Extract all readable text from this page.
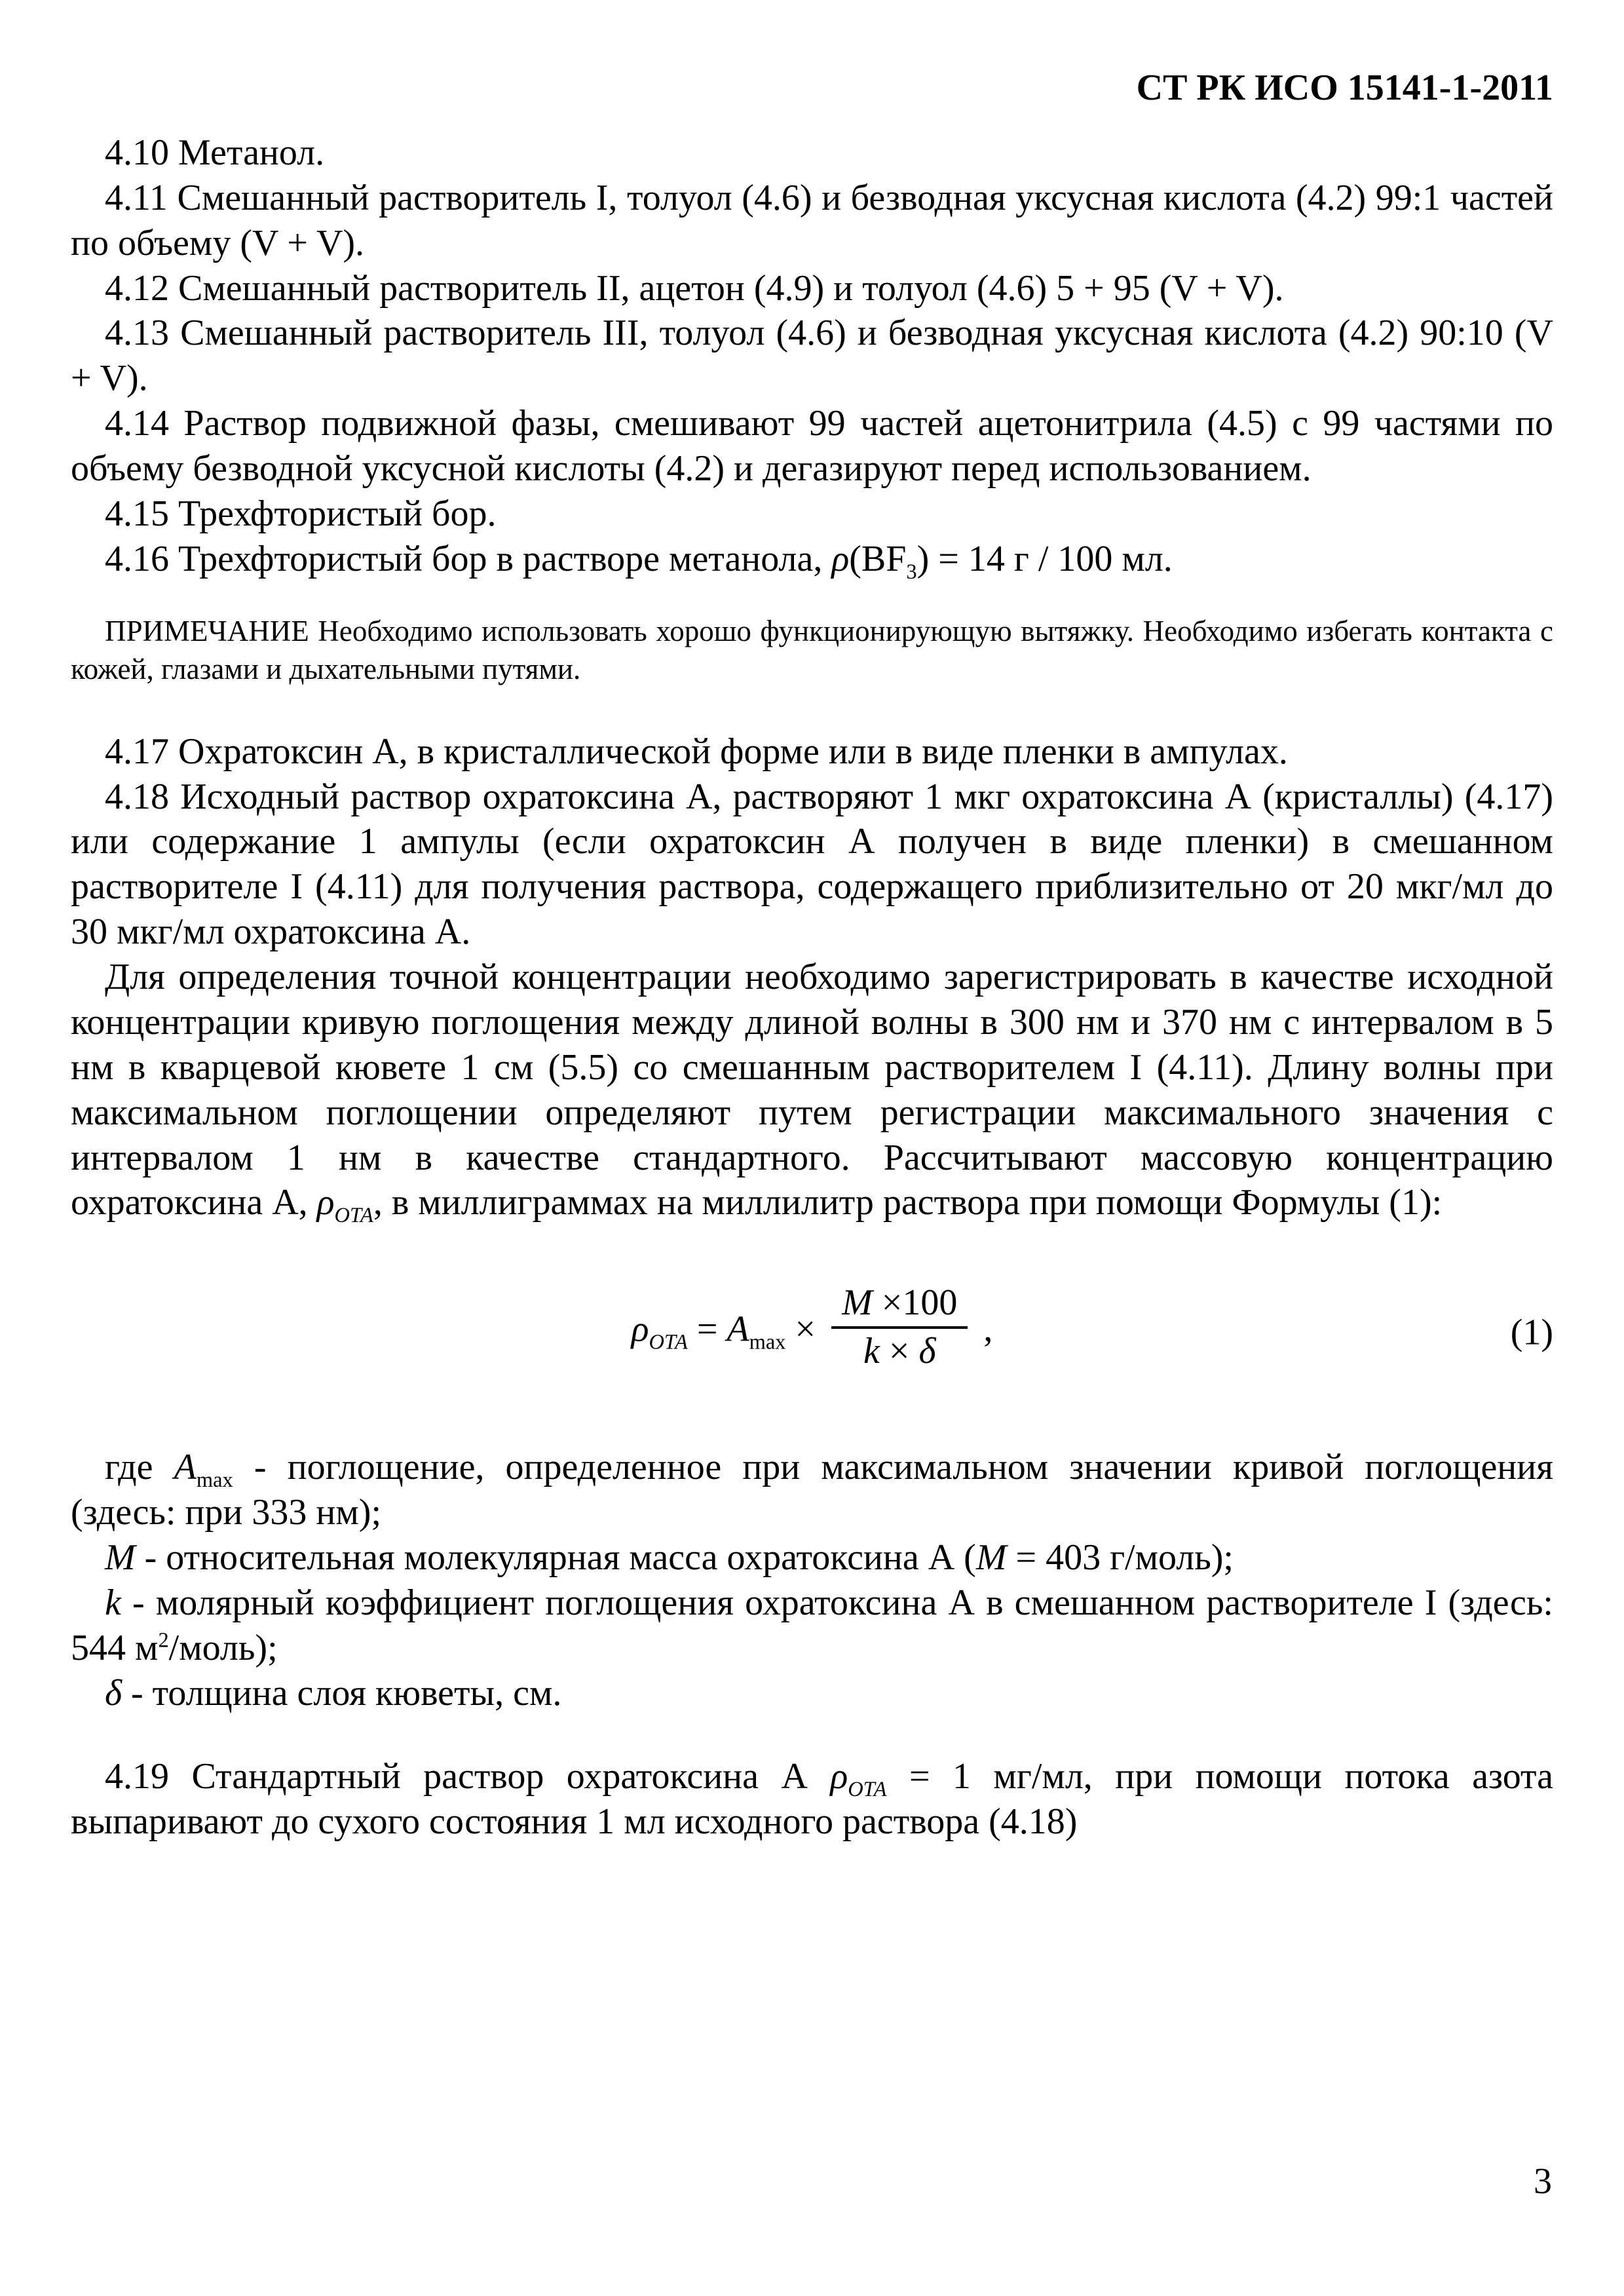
СТ РК ИСО 15141-1-2011

4.10 Метанол.

4.11 Смешанный растворитель I, толуол (4.6) и безводная уксусная кислота (4.2) 99:1 частей по объему (V + V).

4.12 Смешанный растворитель II, ацетон (4.9) и толуол (4.6) 5 + 95 (V + V).

4.13 Смешанный растворитель III, толуол (4.6) и безводная уксусная кислота (4.2) 90:10 (V + V).

4.14 Раствор подвижной фазы, смешивают 99 частей ацетонитрила (4.5) с 99 частями по объему безводной уксусной кислоты (4.2) и дегазируют перед использованием.

4.15 Трехфтористый бор.

4.16 Трехфтористый бор в растворе метанола, $\rho(BF_3) = 14$ г / 100 мл.

ПРИМЕЧАНИЕ Необходимо использовать хорошо функционирующую вытяжку. Необходимо избегать контакта с кожей, глазами и дыхательными путями.

4.17 Охратоксин А, в кристаллической форме или в виде пленки в ампулах.

4.18 Исходный раствор охратоксина А, растворяют 1 мкг охратоксина А (кристаллы) (4.17) или содержание 1 ампулы (если охратоксин А получен в виде пленки) в смешанном растворителе I (4.11) для получения раствора, содержащего приблизительно от 20 мкг/мл до 30 мкг/мл охратоксина А.

Для определения точной концентрации необходимо зарегистрировать в качестве исходной концентрации кривую поглощения между длиной волны в 300 нм и 370 нм с интервалом в 5 нм в кварцевой кювете 1 см (5.5) со смешанным растворителем I (4.11). Длину волны при максимальном поглощении определяют путем регистрации максимального значения с интервалом 1 нм в качестве стандартного. Рассчитывают массовую концентрацию охратоксина А, $\rho_{ОТА}$, в миллиграммах на миллилитр раствора при помощи Формулы (1):

$\rho_{ОТА} = A_{max} \times \frac{M \times 100}{k \times \delta}$ ,	(1)

где $A_{max}$ - поглощение, определенное при максимальном значении кривой поглощения (здесь: при 333 нм);

M - относительная молекулярная масса охратоксина А (M = 403 г/моль);

k - молярный коэффициент поглощения охратоксина А в смешанном растворителе I (здесь: 544 $м^2/моль$);

δ - толщина слоя кюветы, см.

4.19 Стандартный раствор охратоксина А $\rho_{ОТА} = 1$ мг/мл, при помощи потока азота выпаривают до сухого состояния 1 мл исходного раствора (4.18)

3
